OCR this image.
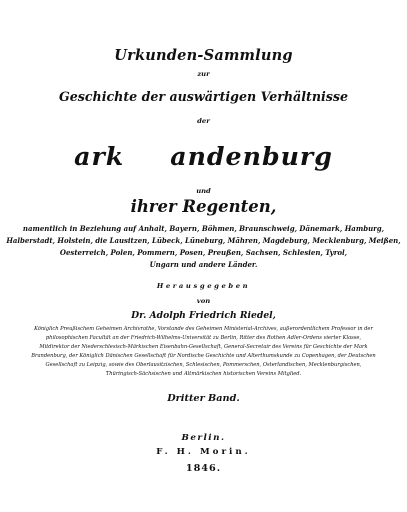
Urkunden-Sammlung
zur
Geschichte der auswärtigen Verhältnisse
der
ark andenburg
und
ihrer Regenten,
namentlich in Beziehung auf Anhalt, Bayern, Böhmen, Braunschweig, Dänemark, Hamburg,
Halberstadt, Holstein, die Lausitzen, Lübeck, Lüneburg, Mähren, Magdeburg, Mecklenburg, Meißen,
Oesterreich, Polen, Pommern, Posen, Preußen, Sachsen, Schlesien, Tyrol,
Ungarn und andere Länder.
Herausgegeben
von
Dr. Adolph Friedrich Riedel,
Königlich Preußischem Geheimen Archivrathe, Vorstande des Geheimen Ministerial-Archives, außerordentlichem Professor in der
philosophischen Facultät an der Friedrich-Wilhelms-Universität zu Berlin, Ritter des Rothen Adler-Ordens vierter Klasse,
Mitdirektor der Niederschlesisch-Märkischen Eisenbahn-Gesellschaft, General-Secretair des Vereins für Geschichte der Mark
Brandenburg, der Königlich Dänischen Gesellschaft für Nordische Geschichte und Alterthumskunde zu Copenhagen, der Deutschen
Gesellschaft zu Leipzig, sowie des Oberlausitzischen, Schlesischen, Pommerschen, Osterlandischen, Mecklenburgischen,
Thüringisch-Sächsischen und Altmärkischen historischen Vereins Mitglied.
Dritter Band.
Berlin.
F. H. Morin.
1846.
